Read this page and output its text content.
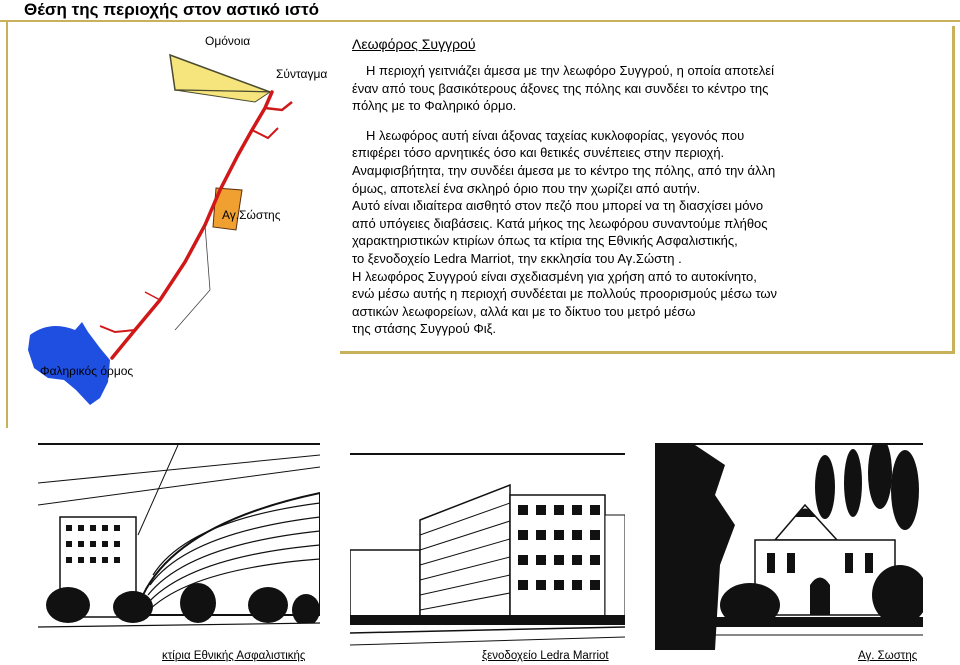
Θέση της περιοχής στον αστικό ιστό
Ομόνοια
Σύνταγμα
Αγ.Σώστης
Φαληρικός όρμος
Λεωφόρος Συγγρού

Η περιοχή γειτνιάζει άμεσα με την λεωφόρο Συγγρού, η οποία αποτελεί

έναν από τους βασικότερους άξονες της πόλης και συνδέει το κέντρο της

πόλης με το Φαληρικό όρμο.

Η λεωφόρος αυτή είναι άξονας ταχείας κυκλοφορίας, γεγονός που

επιφέρει τόσο αρνητικές όσο και θετικές συνέπειες στην περιοχή.

Αναμφισβήτητα, την συνδέει άμεσα με το κέντρο της πόλης, από την άλλη

όμως, αποτελεί ένα σκληρό όριο που την χωρίζει από αυτήν.

Αυτό είναι ιδιαίτερα αισθητό στον πεζό που μπορεί να τη διασχίσει μόνο

από υπόγειες διαβάσεις. Κατά μήκος της λεωφόρου συναντούμε πλήθος

χαρακτηριστικών κτιρίων όπως τα κτίρια της Εθνικής Ασφαλιστικής,

το ξενοδοχείο Ledra Marriot, την εκκλησία του Αγ.Σώστη .

Η λεωφόρος Συγγρού είναι σχεδιασμένη για χρήση από το αυτοκίνητο,

ενώ μέσω αυτής η περιοχή συνδέεται με πολλούς προορισμούς μέσω των

αστικών λεωφορείων, αλλά και με το δίκτυο του μετρό μέσω

της στάσης Συγγρού Φιξ.

κτίρια Εθνικής Ασφαλιστικής	ξενοδοχείο Ledra Marriot	Αγ. Σωστης
